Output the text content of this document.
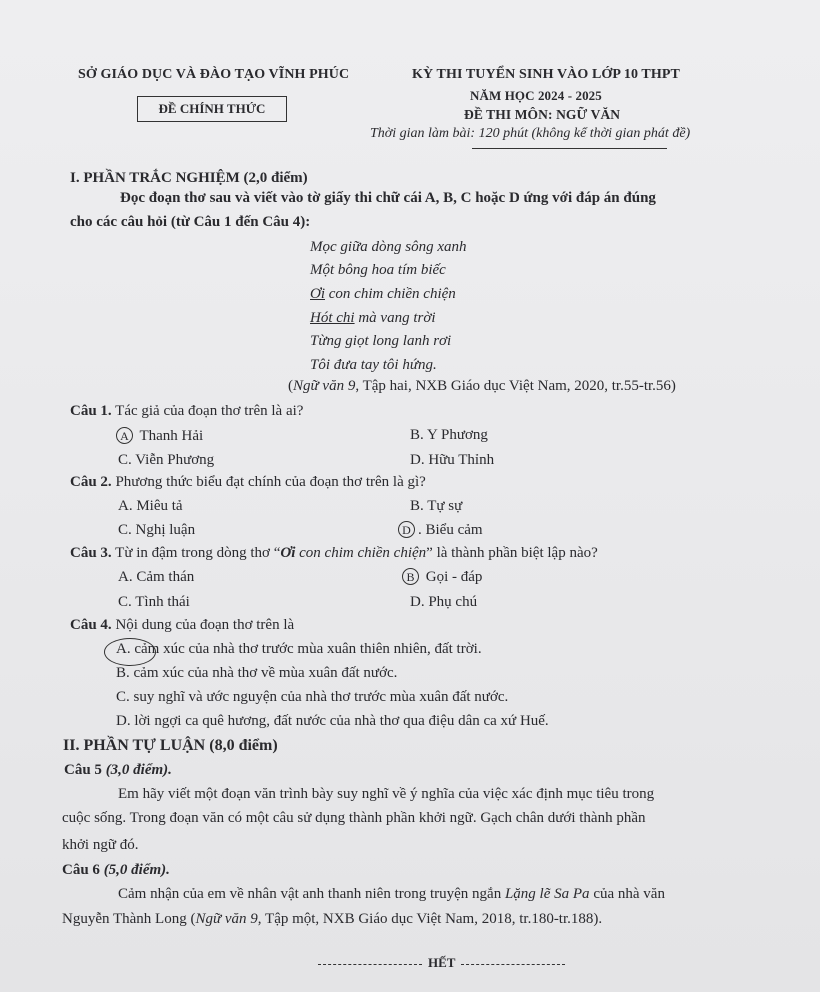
SỞ GIÁO DỤC VÀ ĐÀO TẠO VĨNH PHÚC
ĐỀ CHÍNH THỨC
KỲ THI TUYỂN SINH VÀO LỚP 10 THPT
NĂM HỌC 2024 - 2025
ĐỀ THI MÔN: NGỮ VĂN
Thời gian làm bài: 120 phút (không kể thời gian phát đề)
I. PHẦN TRẮC NGHIỆM (2,0 điểm)
Đọc đoạn thơ sau và viết vào tờ giấy thi chữ cái A, B, C hoặc D ứng với đáp án đúng
cho các câu hỏi (từ Câu 1 đến Câu 4):
Mọc giữa dòng sông xanh
Một bông hoa tím biếc
Ơi con chim chiền chiện
Hót chi mà vang trời
Từng giọt long lanh rơi
Tôi đưa tay tôi hứng.
(Ngữ văn 9, Tập hai, NXB Giáo dục Việt Nam, 2020, tr.55-tr.56)
Câu 1. Tác giả của đoạn thơ trên là ai?
A Thanh Hải	B. Y Phương
C. Viễn Phương	D. Hữu Thỉnh
Câu 2. Phương thức biểu đạt chính của đoạn thơ trên là gì?
A. Miêu tả	B. Tự sự
C. Nghị luận	D . Biểu cảm
Câu 3. Từ in đậm trong dòng thơ “Ơi con chim chiền chiện” là thành phần biệt lập nào?
A. Cảm thán	B Gọi - đáp
C. Tình thái	D. Phụ chú
Câu 4. Nội dung của đoạn thơ trên là
A. cảm xúc của nhà thơ trước mùa xuân thiên nhiên, đất trời.
B. cảm xúc của nhà thơ về mùa xuân đất nước.
C. suy nghĩ và ước nguyện của nhà thơ trước mùa xuân đất nước.
D. lời ngợi ca quê hương, đất nước của nhà thơ qua điệu dân ca xứ Huế.
II. PHẦN TỰ LUẬN (8,0 điểm)
Câu 5 (3,0 điểm).
Em hãy viết một đoạn văn trình bày suy nghĩ về ý nghĩa của việc xác định mục tiêu trong
cuộc sống. Trong đoạn văn có một câu sử dụng thành phần khởi ngữ. Gạch chân dưới thành phần
khởi ngữ đó.
Câu 6 (5,0 điểm).
Cảm nhận của em về nhân vật anh thanh niên trong truyện ngắn Lặng lẽ Sa Pa của nhà văn
Nguyễn Thành Long (Ngữ văn 9, Tập một, NXB Giáo dục Việt Nam, 2018, tr.180-tr.188).
HẾT
